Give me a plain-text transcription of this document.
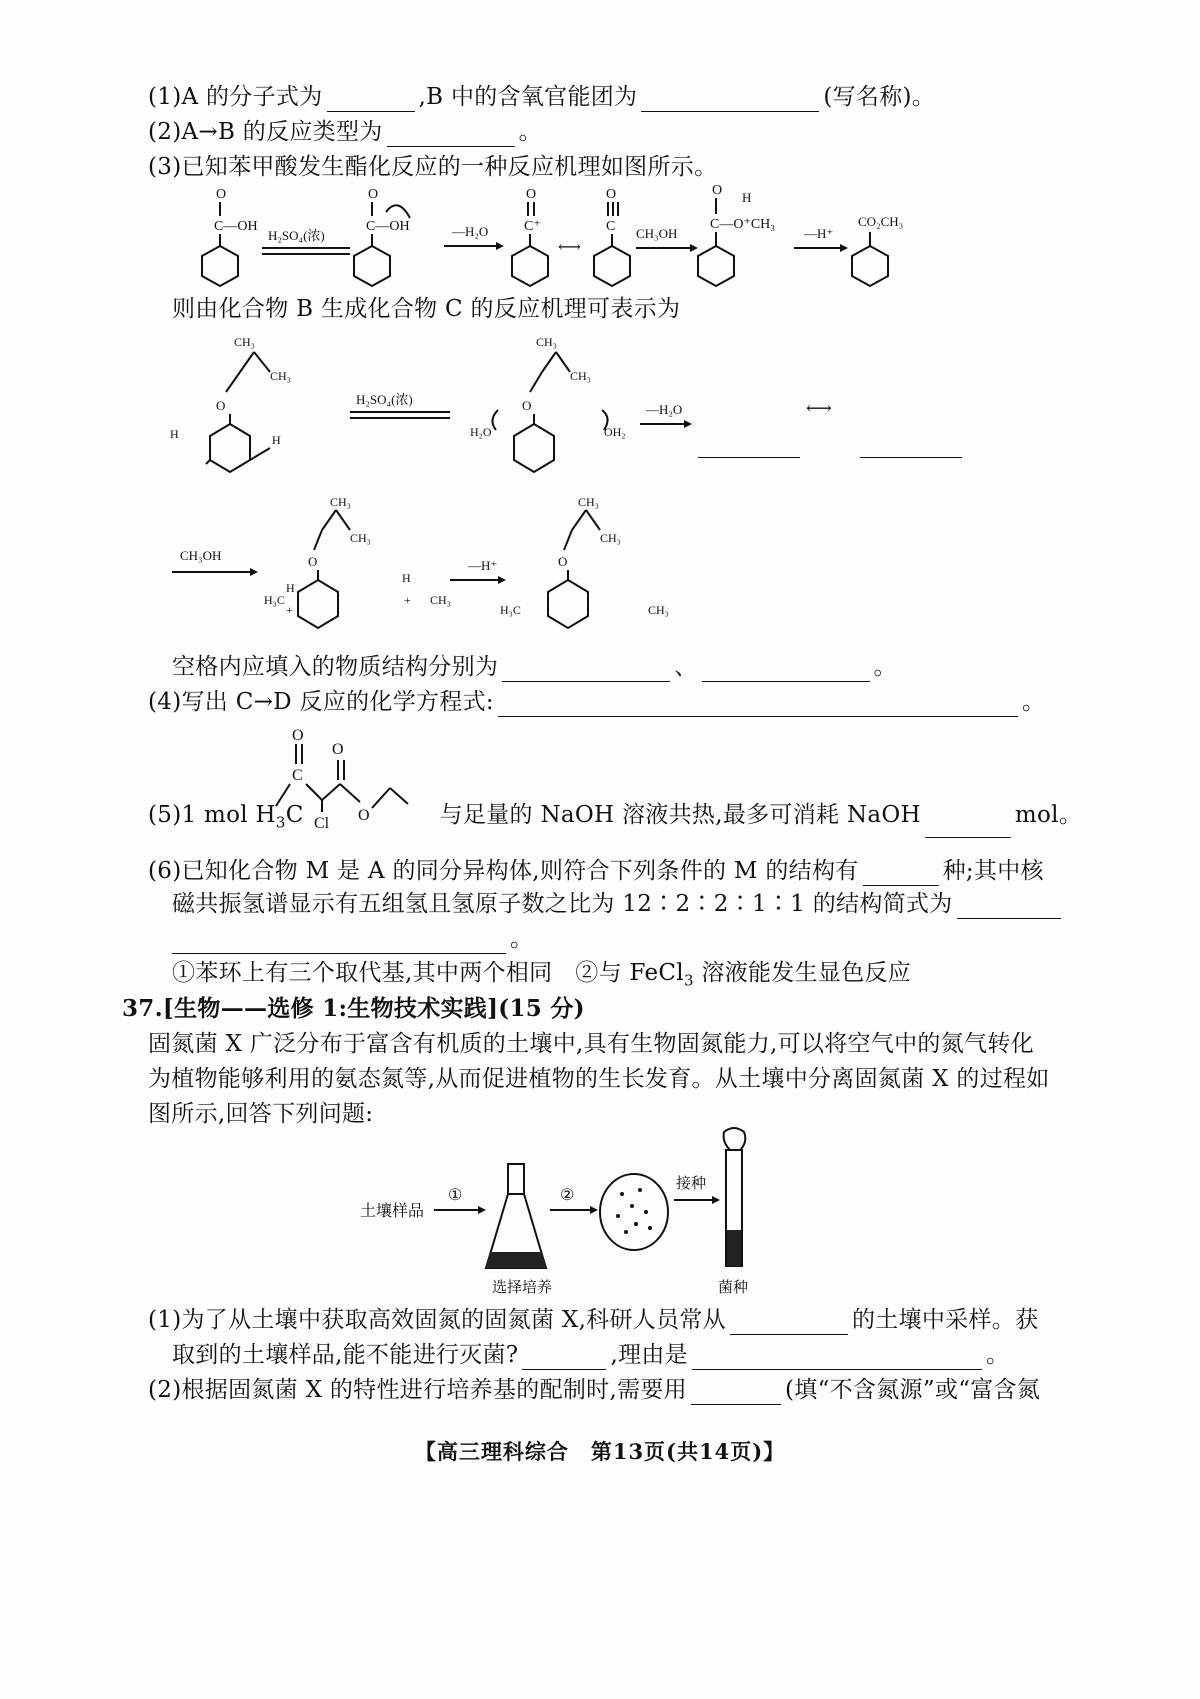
(1)A 的分子式为	,B 中的含氧官能团为	(写名称)。
(2)A→B 的反应类型为	。
(3)已知苯甲酸发生酯化反应的一种反应机理如图所示。
O
C—OH
H₂SO₄(浓)
O
C—OH	—H₂O
O
C⁺
⟷
O
C CH₃OH
O H
C—O⁺CH₃
—H⁺
CO₂CH₃
则由化合物 B 生成化合物 C 的反应机理可表示为
CH₃
CH₃
O
H	H
H₂SO₄(浓)
CH₃
CH₃
O
H₂O	OH₂
—H₂O	⟷
CH₃OH
CH₃
CH₃
O
H₃C
H
+
H
+ CH₃
—H⁺
CH₃
CH₃
O
H₃C	CH₃
空格内应填入的物质结构分别为	、	。
(4)写出 C→D 反应的化学方程式:	。
O
C
Cl
O
O
(5)1 mol $H_3C$	与足量的 NaOH 溶液共热,最多可消耗 NaOH	mol。
(6)已知化合物 M 是 A 的同分异构体,则符合下列条件的 M 的结构有	种;其中核
磁共振氢谱显示有五组氢且氢原子数之比为 12∶2∶2∶1∶1 的结构简式为
。
①苯环上有三个取代基,其中两个相同 ②与 FeCl$_3$ 溶液能发生显色反应
37.[生物——选修 1:生物技术实践](15 分)
固氮菌 X 广泛分布于富含有机质的土壤中,具有生物固氮能力,可以将空气中的氮气转化
为植物能够利用的氨态氮等,从而促进植物的生长发育。从土壤中分离固氮菌 X 的过程如
图所示,回答下列问题:
土壤样品
①
选择培养
②
接种
菌种
(1)为了从土壤中获取高效固氮的固氮菌 X,科研人员常从	的土壤中采样。获
取到的土壤样品,能不能进行灭菌?	,理由是	。
(2)根据固氮菌 X 的特性进行培养基的配制时,需要用	(填“不含氮源”或“富含氮
【高三理科综合　第13页(共14页)】
